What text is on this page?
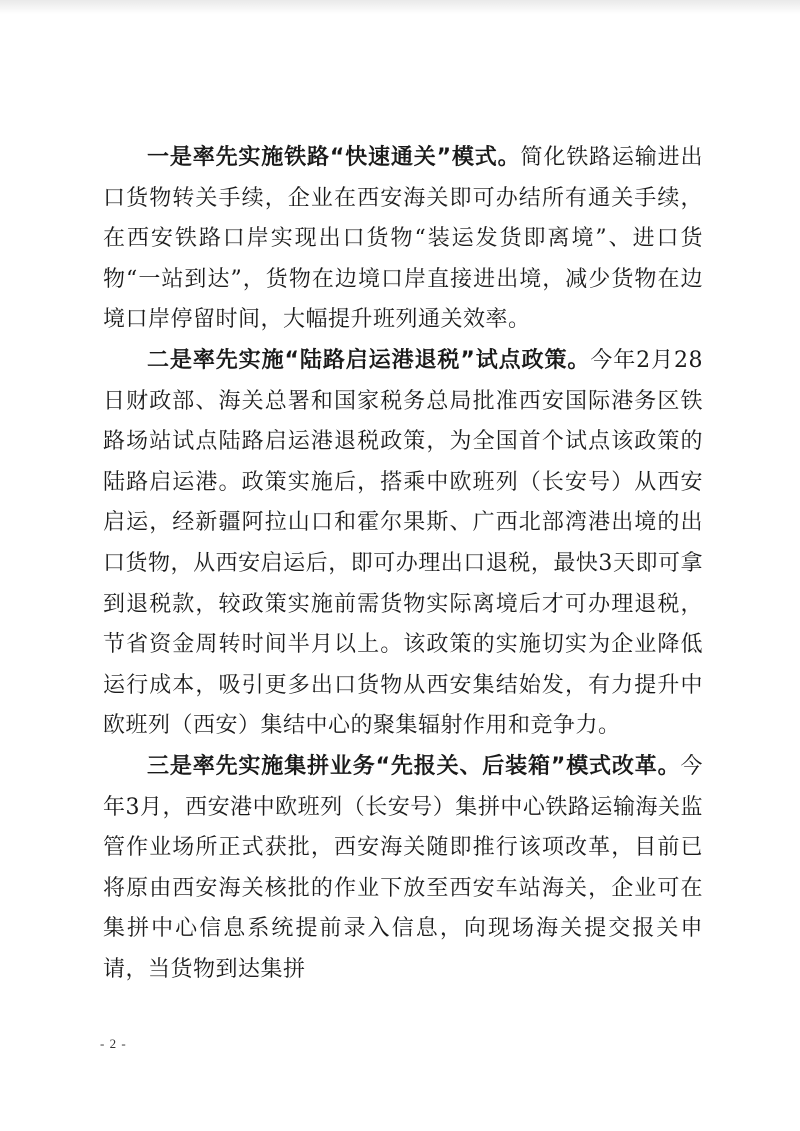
一是率先实施铁路“快速通关”模式。简化铁路运输进出口货物转关手续，企业在西安海关即可办结所有通关手续，在西安铁路口岸实现出口货物“装运发货即离境”、进口货物“一站到达”，货物在边境口岸直接进出境，减少货物在边境口岸停留时间，大幅提升班列通关效率。

二是率先实施“陆路启运港退税”试点政策。今年2月28日财政部、海关总署和国家税务总局批准西安国际港务区铁路场站试点陆路启运港退税政策，为全国首个试点该政策的陆路启运港。政策实施后，搭乘中欧班列（长安号）从西安启运，经新疆阿拉山口和霍尔果斯、广西北部湾港出境的出口货物，从西安启运后，即可办理出口退税，最快3天即可拿到退税款，较政策实施前需货物实际离境后才可办理退税，节省资金周转时间半月以上。该政策的实施切实为企业降低运行成本，吸引更多出口货物从西安集结始发，有力提升中欧班列（西安）集结中心的聚集辐射作用和竞争力。

三是率先实施集拼业务“先报关、后装箱”模式改革。今年3月，西安港中欧班列（长安号）集拼中心铁路运输海关监管作业场所正式获批，西安海关随即推行该项改革，目前已将原由西安海关核批的作业下放至西安车站海关，企业可在集拼中心信息系统提前录入信息，向现场海关提交报关申请，当货物到达集拼

- 2 -
